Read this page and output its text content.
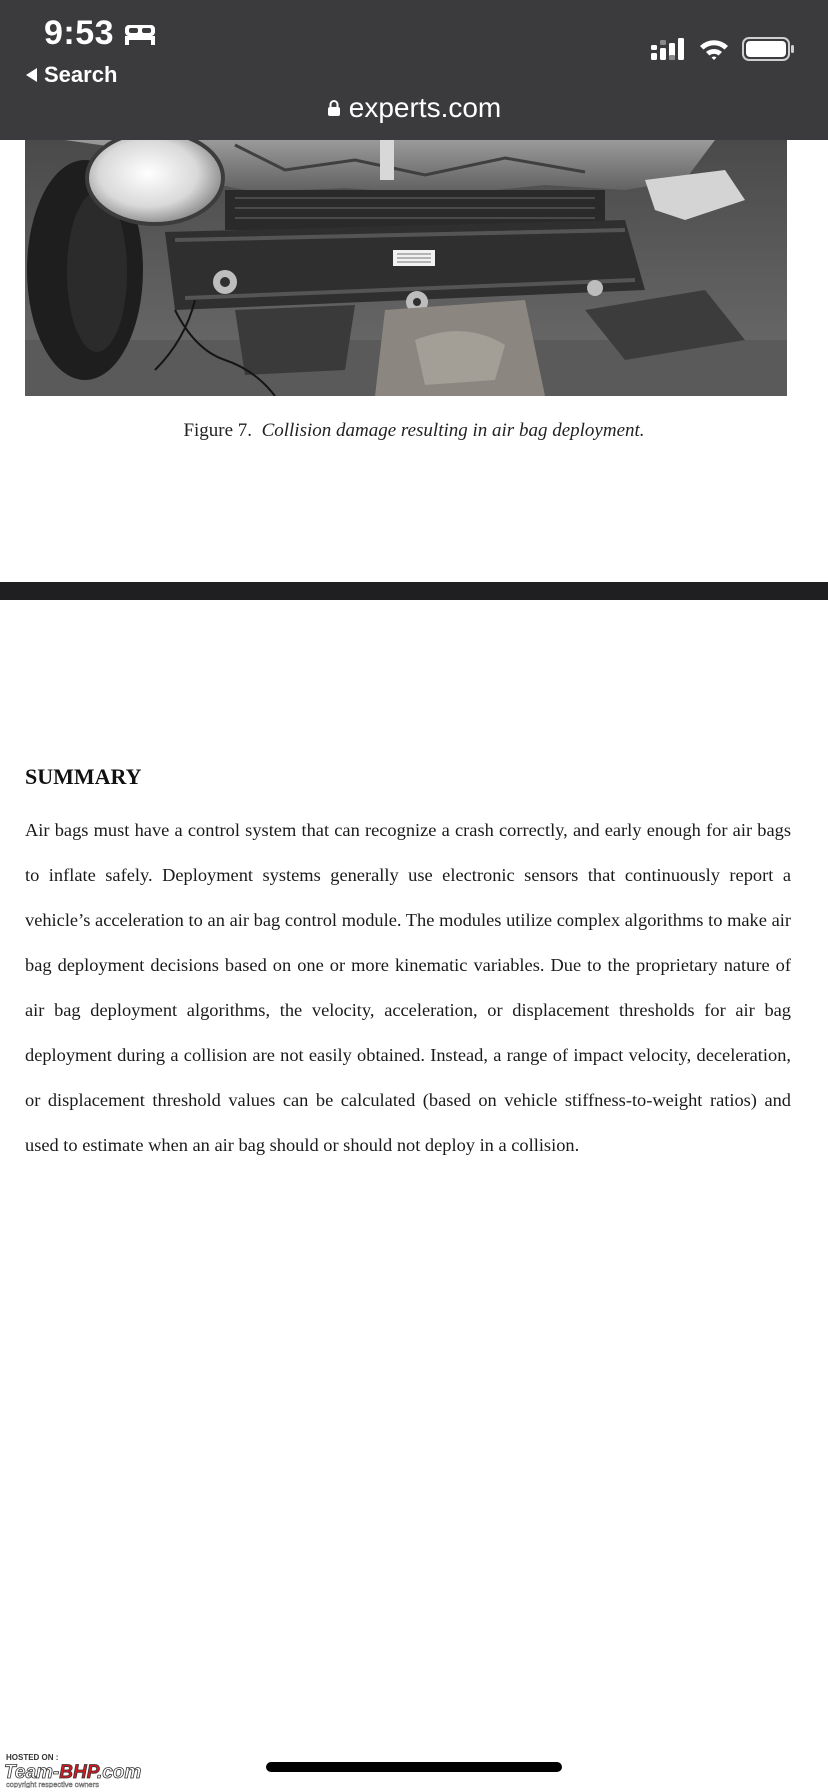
9:53
Search
experts.com
Figure 7. Collision damage resulting in air bag deployment.
SUMMARY

Air bags must have a control system that can recognize a crash correctly, and early enough for air bags to inflate safely. Deployment systems generally use electronic sensors that continuously report a vehicle’s acceleration to an air bag control module. The modules utilize complex algorithms to make air bag deployment decisions based on one or more kinematic variables. Due to the proprietary nature of air bag deployment algorithms, the velocity, acceleration, or displacement thresholds for air bag deployment during a collision are not easily obtained. Instead, a range of impact velocity, deceleration, or displacement threshold values can be calculated (based on vehicle stiffness-to-weight ratios) and used to estimate when an air bag should or should not deploy in a collision.

HOSTED ON :
Team-BHP.com
copyright respective owners
